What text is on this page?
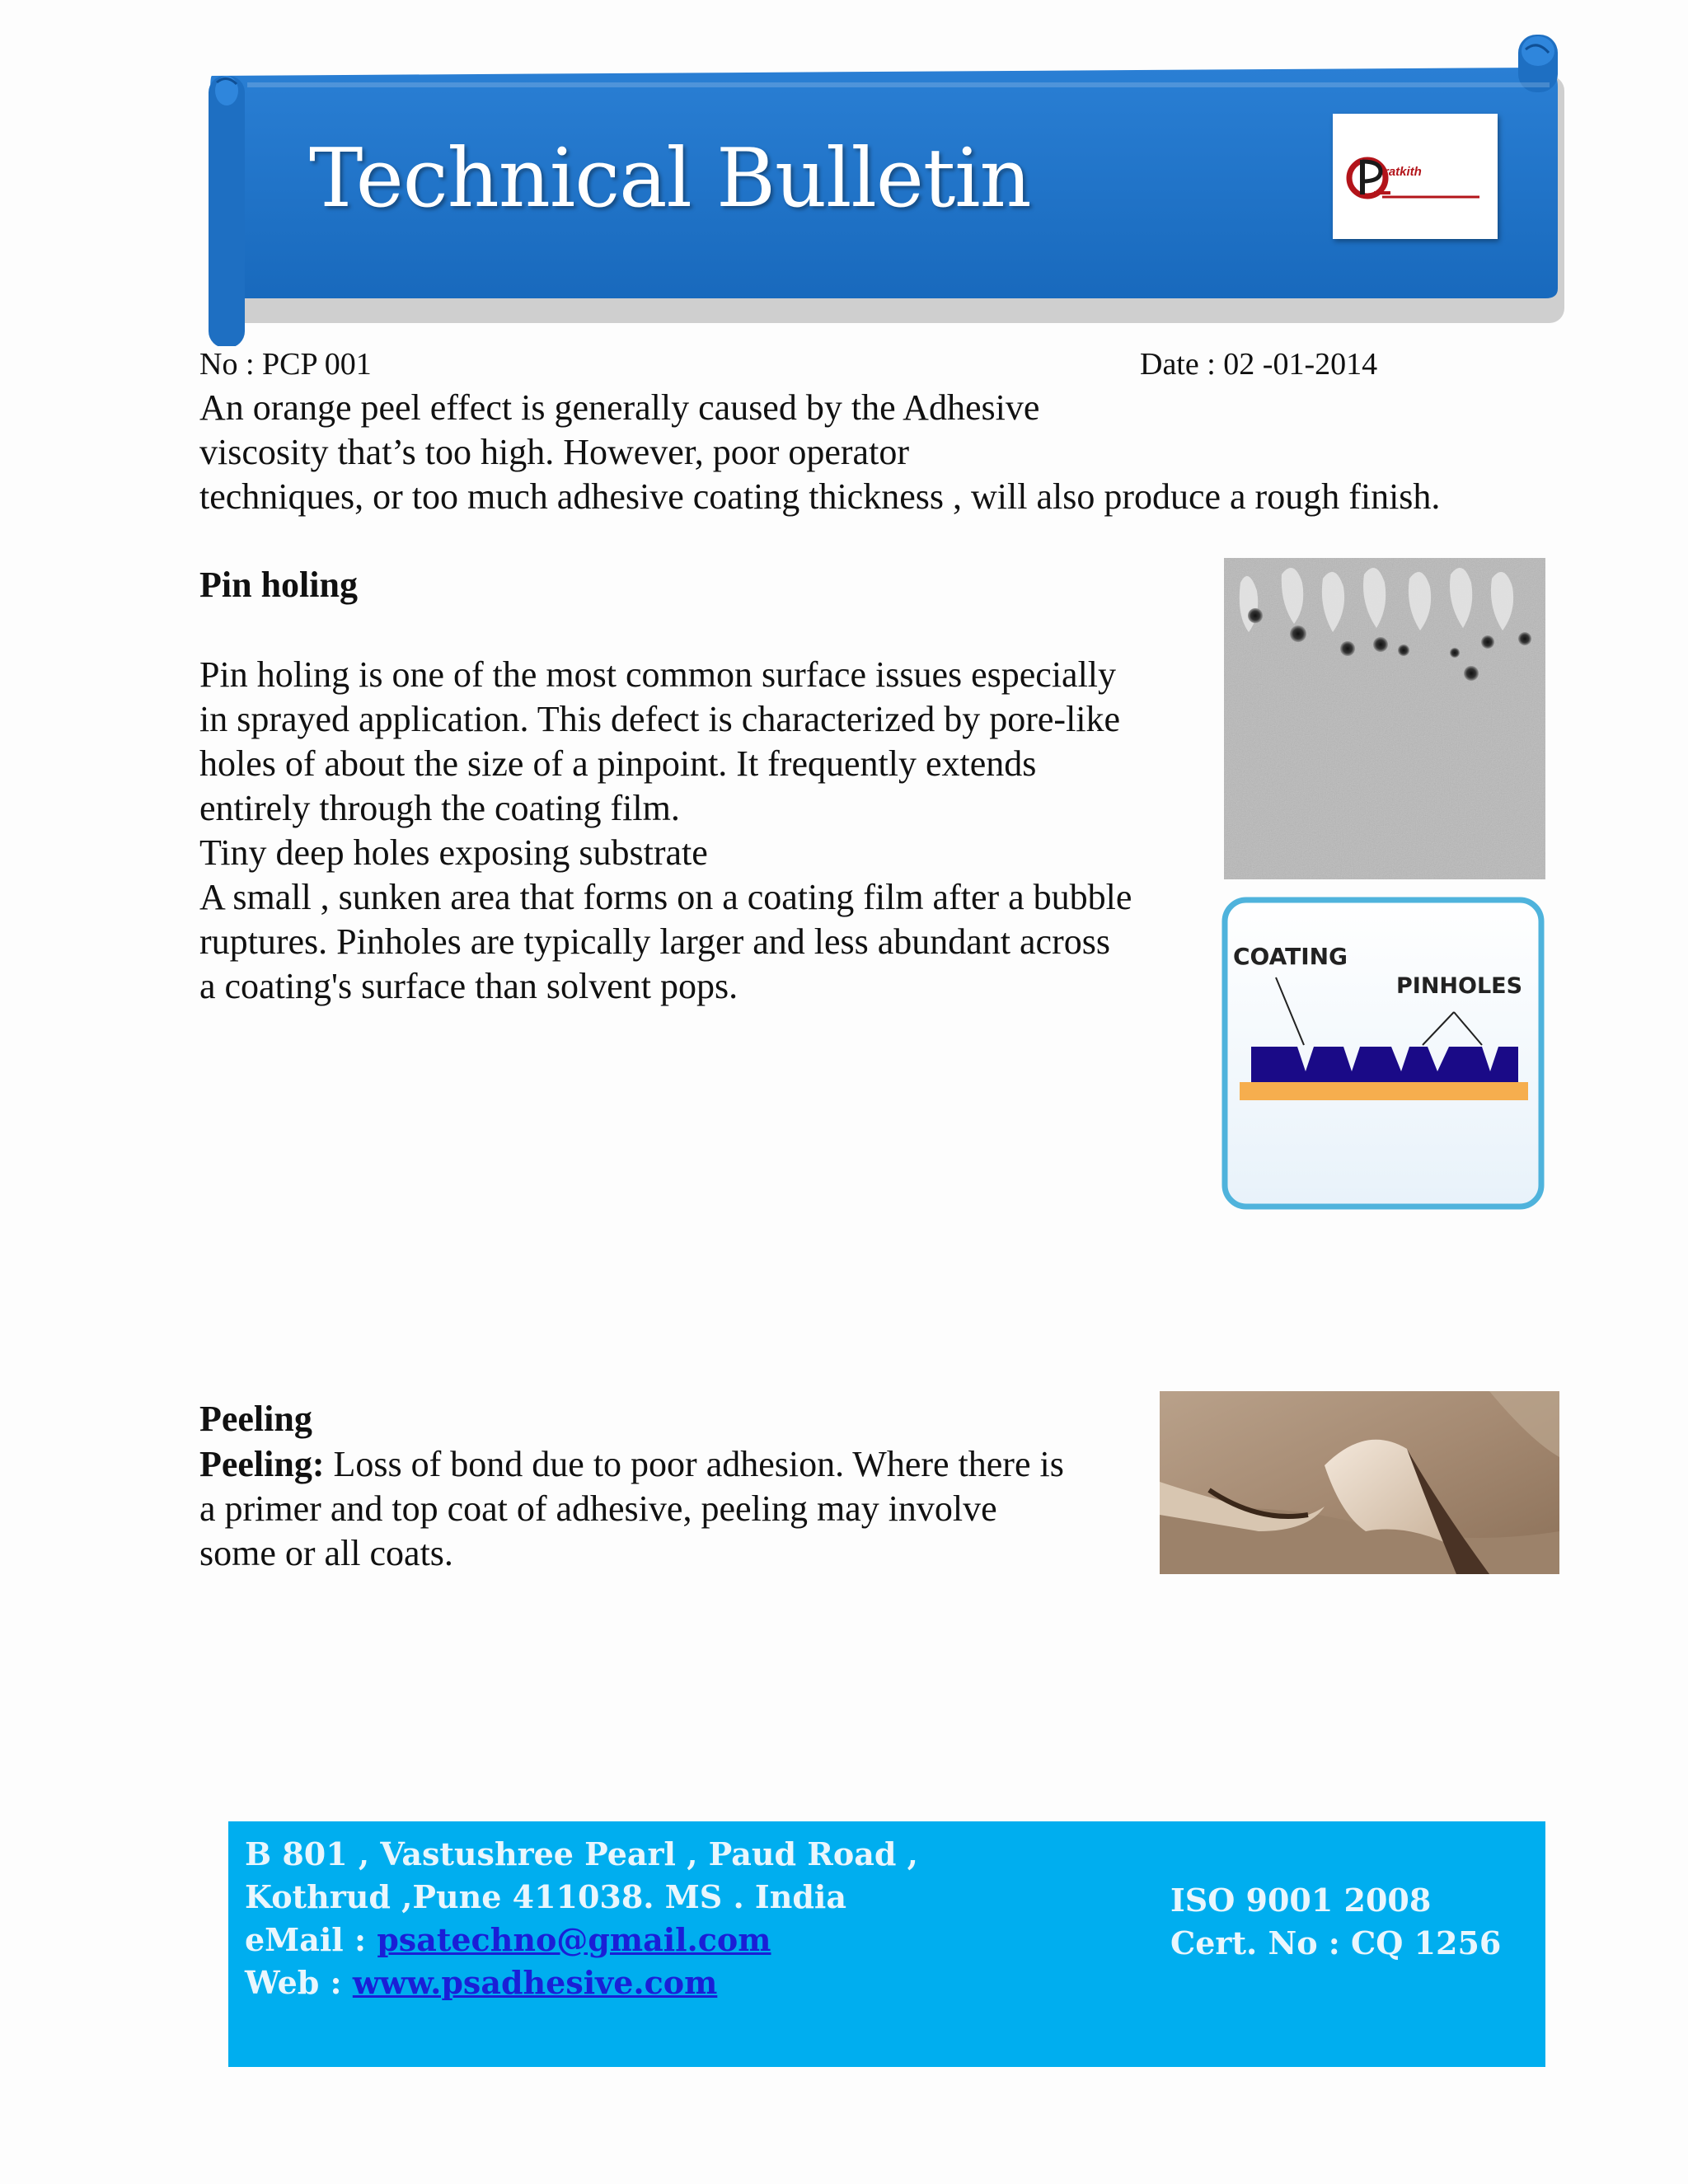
Technical Bulletin	ratkith
No : PCP 001	Date : 02 -01-2014
An orange peel effect is generally caused by the Adhesive
viscosity that’s too high. However, poor operator
techniques, or too much adhesive coating thickness , will also produce a rough finish.
Pin holing
Pin holing is one of the most common surface issues especially
in sprayed application. This defect is characterized by pore-like
holes of about the size of a pinpoint. It frequently extends
entirely through the coating film.
Tiny deep holes exposing substrate
A small , sunken area that forms on a coating film after a bubble
ruptures. Pinholes are typically larger and less abundant across
a coating's surface than solvent pops.
COATING
PINHOLES
Peeling
Peeling: Loss of bond due to poor adhesion. Where there is
a primer and top coat of adhesive, peeling may involve
some or all coats.
B 801 , Vastushree Pearl , Paud Road ,
Kothrud ,Pune 411038. MS . India
eMail : psatechno@gmail.com
Web : www.psadhesive.com
ISO 9001 2008
Cert. No : CQ 1256
